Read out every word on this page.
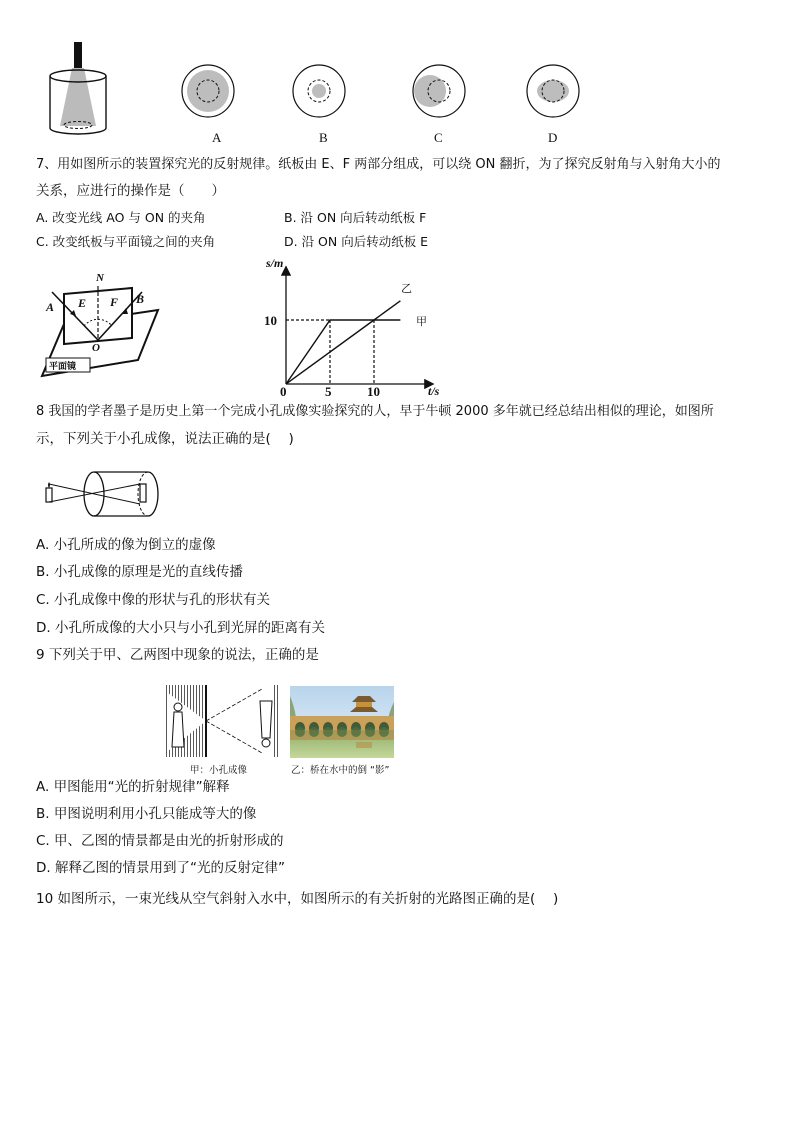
A	B	C	D
7、用如图所示的装置探究光的反射规律。纸板由 E、F 两部分组成，可以绕 ON 翻折，为了探究反射角与入射角大小的
关系，应进行的操作是（　　）
A. 改变光线 AO 与 ON 的夹角	B. 沿 ON 向后转动纸板 F
C. 改变纸板与平面镜之间的夹角	D. 沿 ON 向后转动纸板 E
N
E F
A
B
O
平面镜
s/m
t/s
0
10
5	10
甲
乙
8 我国的学者墨子是历史上第一个完成小孔成像实验探究的人，早于牛顿 2000 多年就已经总结出相似的理论，如图所
示，下列关于小孔成像，说法正确的是(　 )
A. 小孔所成的像为倒立的虚像
B. 小孔成像的原理是光的直线传播
C. 小孔成像中像的形状与孔的形状有关
D. 小孔所成像的大小只与小孔到光屏的距离有关
9 下列关于甲、乙两图中现象的说法，正确的是
甲：小孔成像	乙：桥在水中的倒 “影”
A. 甲图能用“光的折射规律”解释
B. 甲图说明利用小孔只能成等大的像
C. 甲、乙图的情景都是由光的折射形成的
D. 解释乙图的情景用到了“光的反射定律”
10 如图所示，一束光线从空气斜射入水中，如图所示的有关折射的光路图正确的是(　 )
